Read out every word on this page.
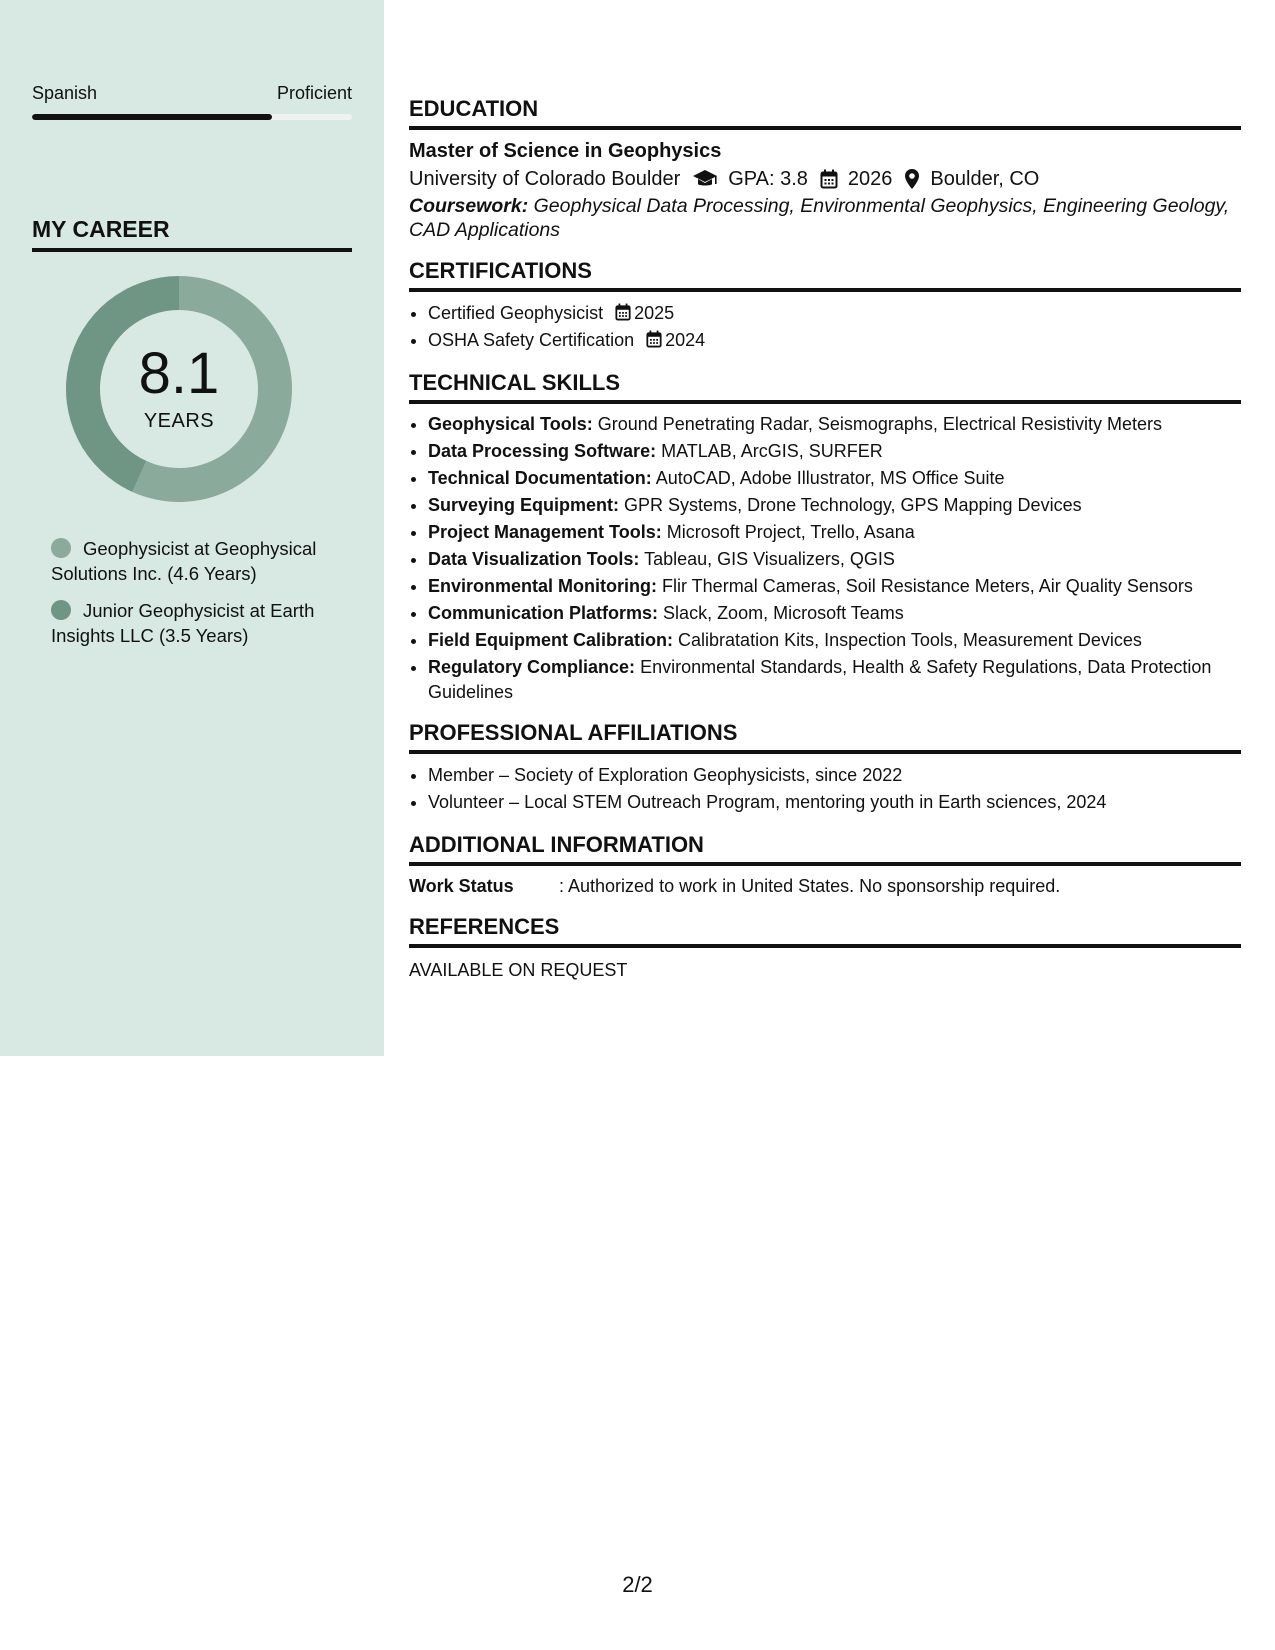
Spanish	Proficient
MY CAREER
8.1
YEARS
Geophysicist at Geophysical Solutions Inc. (4.6 Years)
Junior Geophysicist at Earth Insights LLC (3.5 Years)
EDUCATION
Master of Science in Geophysics
University of Colorado Boulder GPA: 3.8 2026 Boulder, CO
Coursework: Geophysical Data Processing, Environmental Geophysics, Engineering Geology, CAD Applications
CERTIFICATIONS
• Certified Geophysicist 2025
• OSHA Safety Certification 2024
TECHNICAL SKILLS
• Geophysical Tools: Ground Penetrating Radar, Seismographs, Electrical Resistivity Meters
• Data Processing Software: MATLAB, ArcGIS, SURFER
• Technical Documentation: AutoCAD, Adobe Illustrator, MS Office Suite
• Surveying Equipment: GPR Systems, Drone Technology, GPS Mapping Devices
• Project Management Tools: Microsoft Project, Trello, Asana
• Data Visualization Tools: Tableau, GIS Visualizers, QGIS
• Environmental Monitoring: Flir Thermal Cameras, Soil Resistance Meters, Air Quality Sensors
• Communication Platforms: Slack, Zoom, Microsoft Teams
• Field Equipment Calibration: Calibratation Kits, Inspection Tools, Measurement Devices
• Regulatory Compliance: Environmental Standards, Health & Safety Regulations, Data Protection Guidelines
PROFESSIONAL AFFILIATIONS
• Member – Society of Exploration Geophysicists, since 2022
• Volunteer – Local STEM Outreach Program, mentoring youth in Earth sciences, 2024
ADDITIONAL INFORMATION
Work Status	: Authorized to work in United States. No sponsorship required.
REFERENCES
AVAILABLE ON REQUEST
2/2
